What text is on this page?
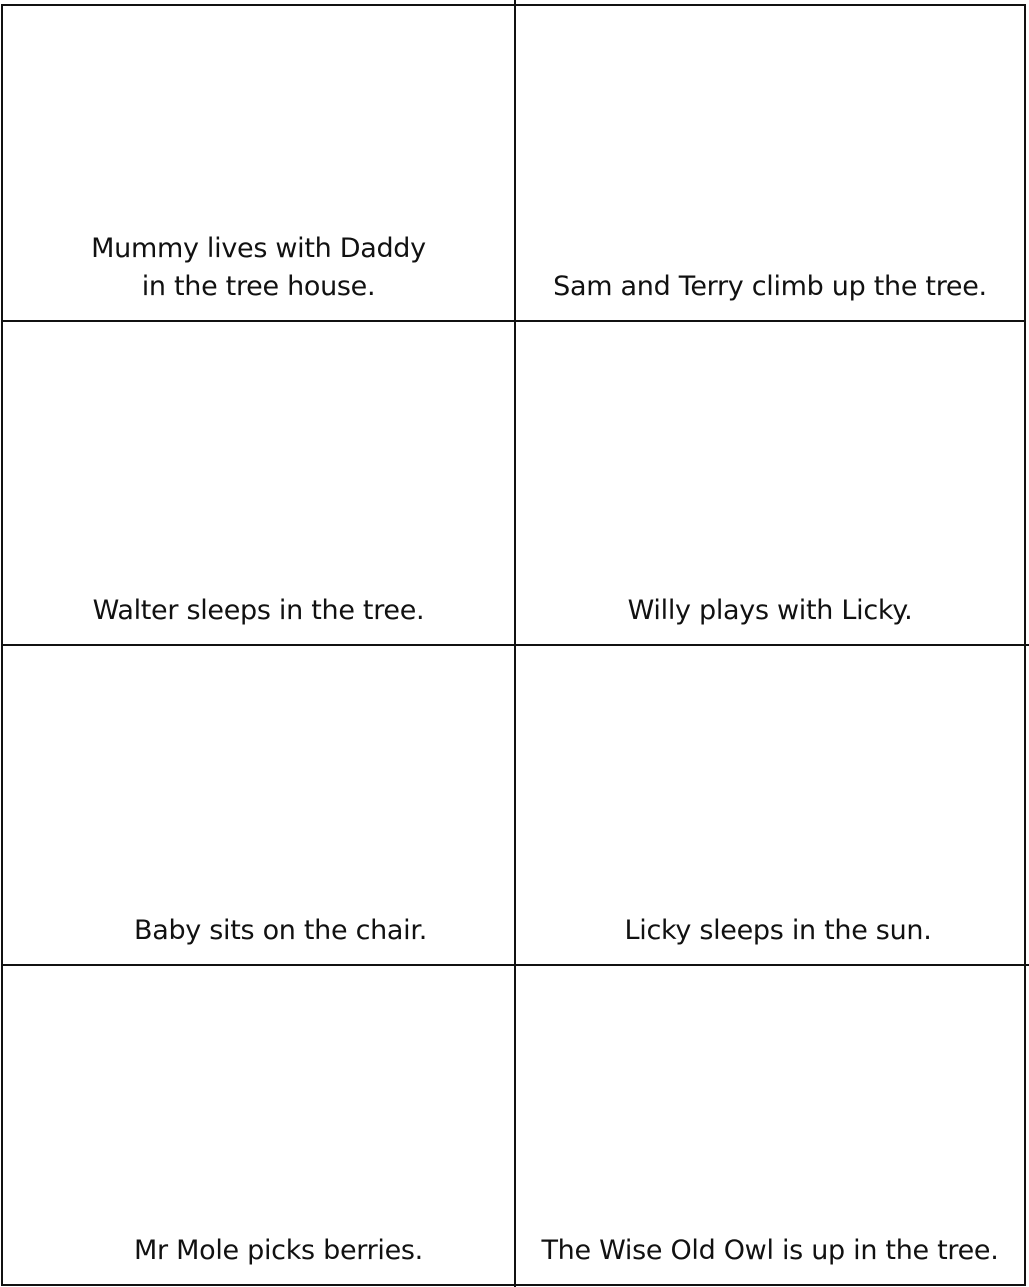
Mummy lives with Daddy
in the tree house.	Sam and Terry climb up the tree.
Walter sleeps in the tree.	Willy plays with Licky.
Baby sits on the chair.	Licky sleeps in the sun.
Mr Mole picks berries.	The Wise Old Owl is up in the tree.
